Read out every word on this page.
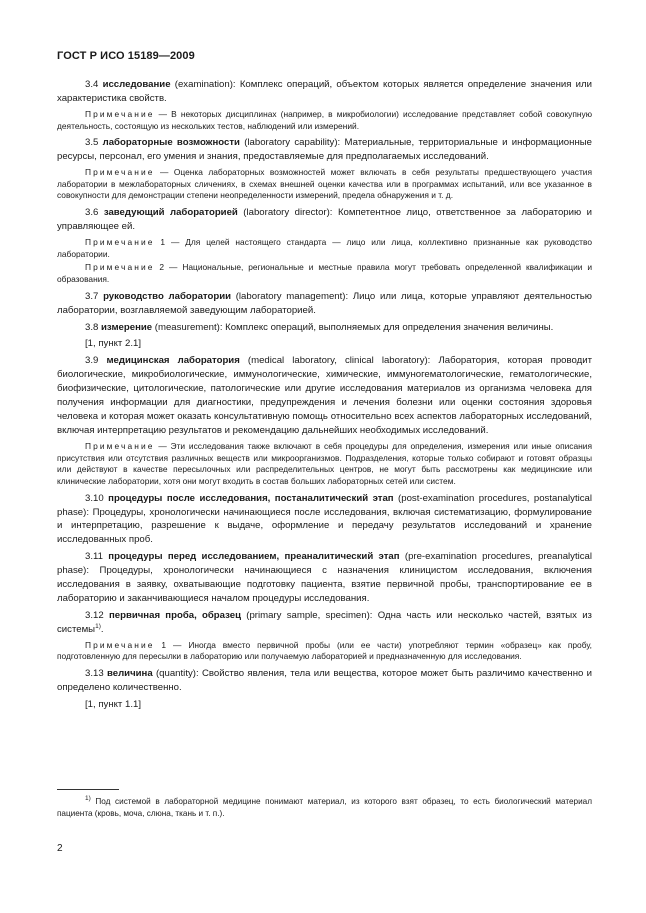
ГОСТ Р ИСО 15189—2009

3.4 исследование (examination): Комплекс операций, объектом которых является определение значения или характеристика свойств.

Примечание — В некоторых дисциплинах (например, в микробиологии) исследование представляет собой совокупную деятельность, состоящую из нескольких тестов, наблюдений или измерений.

3.5 лабораторные возможности (laboratory capability): Материальные, территориальные и информационные ресурсы, персонал, его умения и знания, предоставляемые для предполагаемых исследований.

Примечание — Оценка лабораторных возможностей может включать в себя результаты предшествующего участия лаборатории в межлабораторных сличениях, в схемах внешней оценки качества или в программах испытаний, или все указанное в совокупности для демонстрации степени неопределенности измерений, предела обнаружения и т. д.

3.6 заведующий лабораторией (laboratory director): Компетентное лицо, ответственное за лабораторию и управляющее ей.

Примечание 1 — Для целей настоящего стандарта — лицо или лица, коллективно признанные как руководство лаборатории.

Примечание 2 — Национальные, региональные и местные правила могут требовать определенной квалификации и образования.

3.7 руководство лаборатории (laboratory management): Лицо или лица, которые управляют деятельностью лаборатории, возглавляемой заведующим лабораторией.

3.8 измерение (measurement): Комплекс операций, выполняемых для определения значения величины.

[1, пункт 2.1]

3.9 медицинская лаборатория (medical laboratory, clinical laboratory): Лаборатория, которая проводит биологические, микробиологические, иммунологические, химические, иммуногематологические, гематологические, биофизические, цитологические, патологические или другие исследования материалов из организма человека для получения информации для диагностики, предупреждения и лечения болезни или оценки состояния здоровья человека и которая может оказать консультативную помощь относительно всех аспектов лабораторных исследований, включая интерпретацию результатов и рекомендацию дальнейших необходимых исследований.

Примечание — Эти исследования также включают в себя процедуры для определения, измерения или иные описания присутствия или отсутствия различных веществ или микроорганизмов. Подразделения, которые только собирают и готовят образцы или действуют в качестве пересылочных или распределительных центров, не могут быть рассмотрены как медицинские или клинические лаборатории, хотя они могут входить в состав больших лабораторных сетей или систем.

3.10 процедуры после исследования, постаналитический этап (post-examination procedures, postanalytical phase): Процедуры, хронологически начинающиеся после исследования, включая систематизацию, формулирование и интерпретацию, разрешение к выдаче, оформление и передачу результатов исследований и хранение исследованных проб.

3.11 процедуры перед исследованием, преаналитический этап (pre-examination procedures, preanalytical phase): Процедуры, хронологически начинающиеся с назначения клиницистом исследования, включения исследования в заявку, охватывающие подготовку пациента, взятие первичной пробы, транспортирование ее в лабораторию и заканчивающиеся началом процедуры исследования.

3.12 первичная проба, образец (primary sample, specimen): Одна часть или несколько частей, взятых из системы$^{1)}$.

Примечание 1 — Иногда вместо первичной пробы (или ее части) употребляют термин «образец» как пробу, подготовленную для пересылки в лабораторию или получаемую лабораторией и предназначенную для исследования.

3.13 величина (quantity): Свойство явления, тела или вещества, которое может быть различимо качественно и определено количественно.

[1, пункт 1.1]

$^{1)}$ Под системой в лабораторной медицине понимают материал, из которого взят образец, то есть биологический материал пациента (кровь, моча, слюна, ткань и т. п.).
2
